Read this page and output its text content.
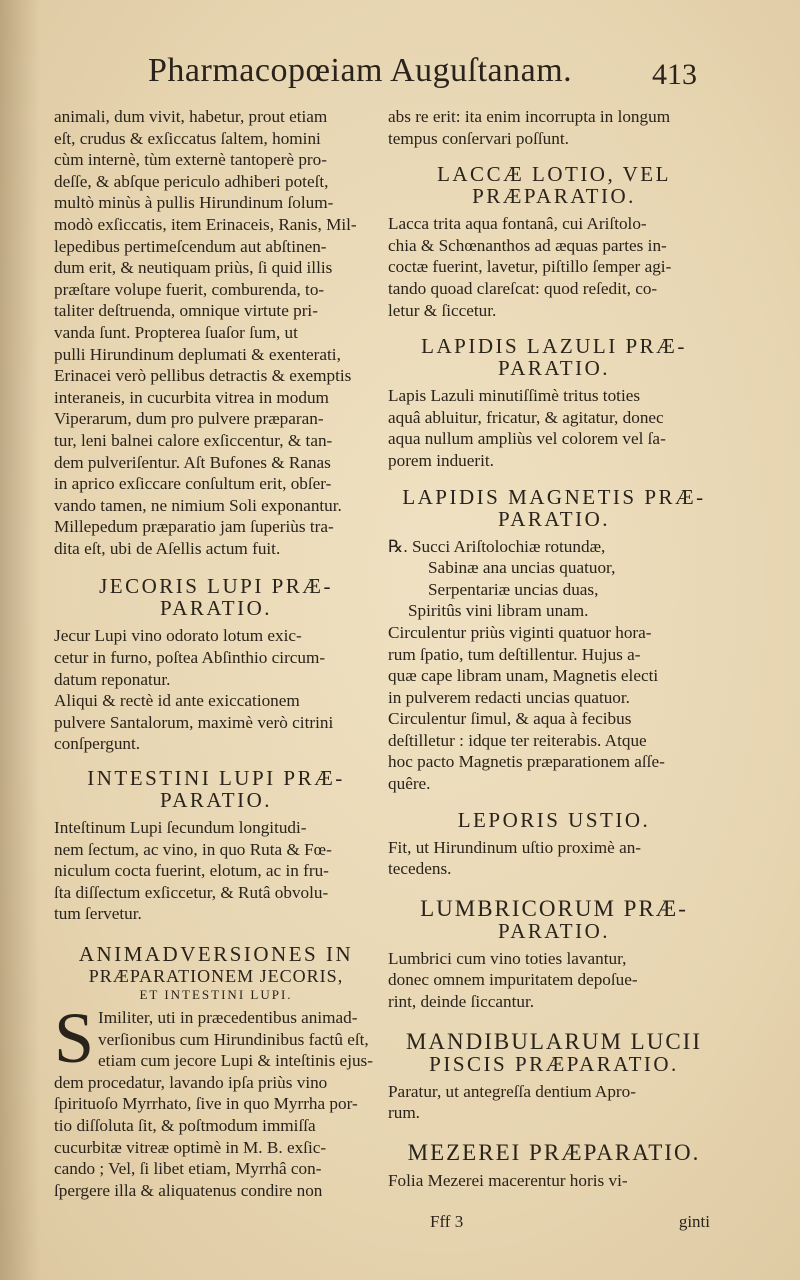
Pharmacopœiam Auguſtanam.	413
animali, dum vivit, habetur, prout etiam
eſt, crudus & exſiccatus ſaltem, homini
cùm internè, tùm externè tantoperè pro-
deſſe, & abſque periculo adhiberi poteſt,
multò minùs à pullis Hirundinum ſolum-
modò exſiccatis, item Erinaceis, Ranis, Mil-
lepedibus pertimeſcendum aut abſtinen-
dum erit, & neutiquam priùs, ſi quid illis
præſtare volupe fuerit, comburenda, to-
taliter deſtruenda, omnique virtute pri-
vanda ſunt. Propterea ſuaſor ſum, ut
pulli Hirundinum deplumati & exenterati,
Erinacei verò pellibus detractis & exemptis
interaneis, in cucurbita vitrea in modum
Viperarum, dum pro pulvere præparan-
tur, leni balnei calore exſiccentur, & tan-
dem pulveriſentur. Aſt Bufones & Ranas
in aprico exſiccare conſultum erit, obſer-
vando tamen, ne nimium Soli exponantur.
Millepedum præparatio jam ſuperiùs tra-
dita eſt, ubi de Aſellis actum fuit.
JECORIS LUPI PRÆ-
PARATIO.
Jecur Lupi vino odorato lotum exic-
cetur in furno, poſtea Abſinthio circum-
datum reponatur.
Aliqui & rectè id ante exiccationem
pulvere Santalorum, maximè verò citrini
conſpergunt.
INTESTINI LUPI PRÆ-
PARATIO.
Inteſtinum Lupi ſecundum longitudi-
nem ſectum, ac vino, in quo Ruta & Fœ-
niculum cocta fuerint, elotum, ac in fru-
ſta diſſectum exſiccetur, & Rutâ obvolu-
tum ſervetur.
ANIMADVERSIONES IN
PRÆPARATIONEM JECORIS,
ET INTESTINI LUPI.
S Imiliter, uti in præcedentibus animad-
verſionibus cum Hirundinibus factû eſt,
etiam cum jecore Lupi & inteſtinis ejus-
dem procedatur, lavando ipſa priùs vino
ſpirituoſo Myrrhato, ſive in quo Myrrha por-
tio diſſoluta ſit, & poſtmodum immiſſa
cucurbitæ vitreæ optimè in M. B. exſic-
cando ; Vel, ſi libet etiam, Myrrhâ con-
ſpergere illa & aliquatenus condire non
abs re erit: ita enim incorrupta in longum
tempus conſervari poſſunt.
LACCÆ LOTIO, VEL
PRÆPARATIO.
Lacca trita aqua fontanâ, cui Ariſtolo-
chia & Schœnanthos ad æquas partes in-
coctæ fuerint, lavetur, piſtillo ſemper agi-
tando quoad clareſcat: quod reſedit, co-
letur & ſiccetur.
LAPIDIS LAZULI PRÆ-
PARATIO.
Lapis Lazuli minutiſſimè tritus toties
aquâ abluitur, fricatur, & agitatur, donec
aqua nullum ampliùs vel colorem vel ſa-
porem induerit.
LAPIDIS MAGNETIS PRÆ-
PARATIO.
℞. Succi Ariſtolochiæ rotundæ,
Sabinæ ana uncias quatuor,
Serpentariæ uncias duas,
Spiritûs vini libram unam.
Circulentur priùs viginti quatuor hora-
rum ſpatio, tum deſtillentur. Hujus a-
quæ cape libram unam, Magnetis electi
in pulverem redacti uncias quatuor.
Circulentur ſimul, & aqua à fecibus
deſtilletur : idque ter reiterabis. Atque
hoc pacto Magnetis præparationem aſſe-
quêre.
LEPORIS USTIO.
Fit, ut Hirundinum uſtio proximè an-
tecedens.
LUMBRICORUM PRÆ-
PARATIO.
Lumbrici cum vino toties lavantur,
donec omnem impuritatem depoſue-
rint, deinde ſiccantur.
MANDIBULARUM LUCII
PISCIS PRÆPARATIO.
Paratur, ut antegreſſa dentium Apro-
rum.
MEZEREI PRÆPARATIO.
Folia Mezerei macerentur horis vi-
Fff 3	ginti
